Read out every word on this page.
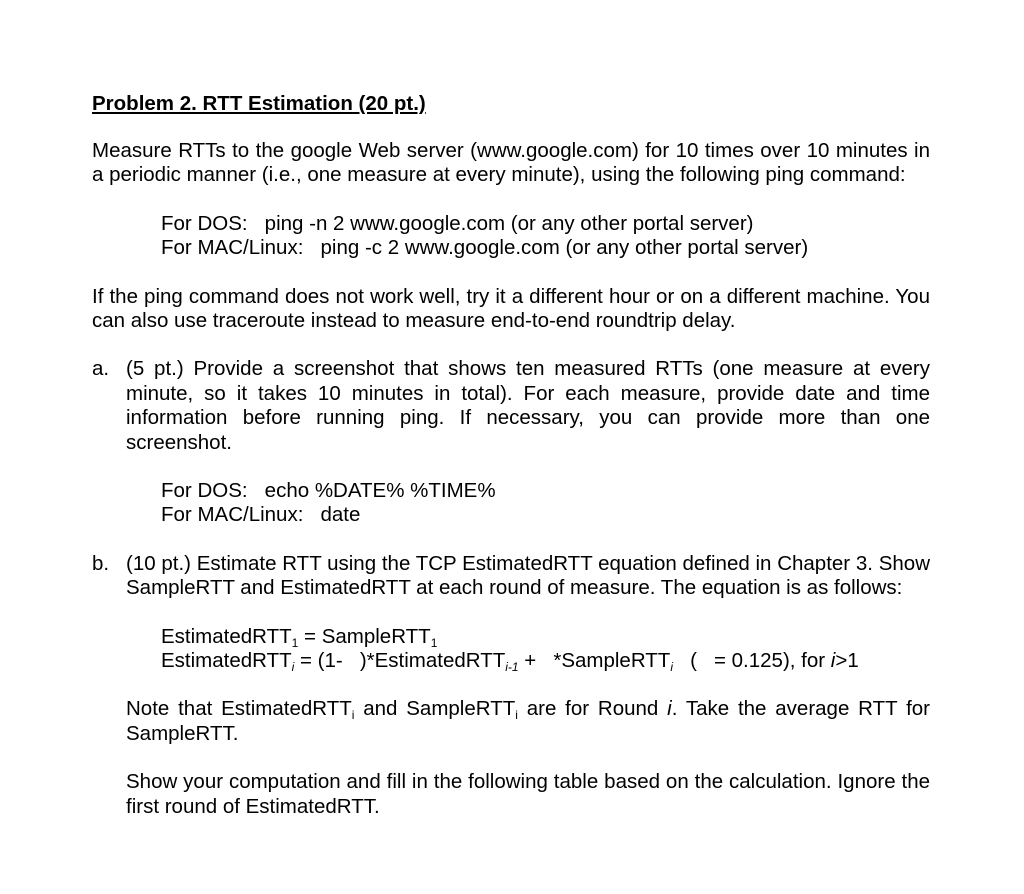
Problem 2. RTT Estimation (20 pt.)

Measure RTTs to the google Web server (www.google.com) for 10 times over 10 minutes in a periodic manner (i.e., one measure at every minute), using the following ping command:

For DOS: ping -n 2 www.google.com (or any other portal server)
For MAC/Linux: ping -c 2 www.google.com (or any other portal server)

If the ping command does not work well, try it a different hour or on a different machine. You can also use traceroute instead to measure end-to-end roundtrip delay.

a. (5 pt.) Provide a screenshot that shows ten measured RTTs (one measure at every minute, so it takes 10 minutes in total). For each measure, provide date and time information before running ping. If necessary, you can provide more than one screenshot.
For DOS: echo %DATE% %TIME%
For MAC/Linux: date
b. (10 pt.) Estimate RTT using the TCP EstimatedRTT equation defined in Chapter 3. Show SampleRTT and EstimatedRTT at each round of measure. The equation is as follows:
EstimatedRTT1 = SampleRTT1
EstimatedRTTi = (1-   )*EstimatedRTTi-1 +   *SampleRTTi   (   = 0.125), for i>1

Note that EstimatedRTTi and SampleRTTi are for Round i. Take the average RTT for SampleRTT.

Show your computation and fill in the following table based on the calculation. Ignore the first round of EstimatedRTT.
